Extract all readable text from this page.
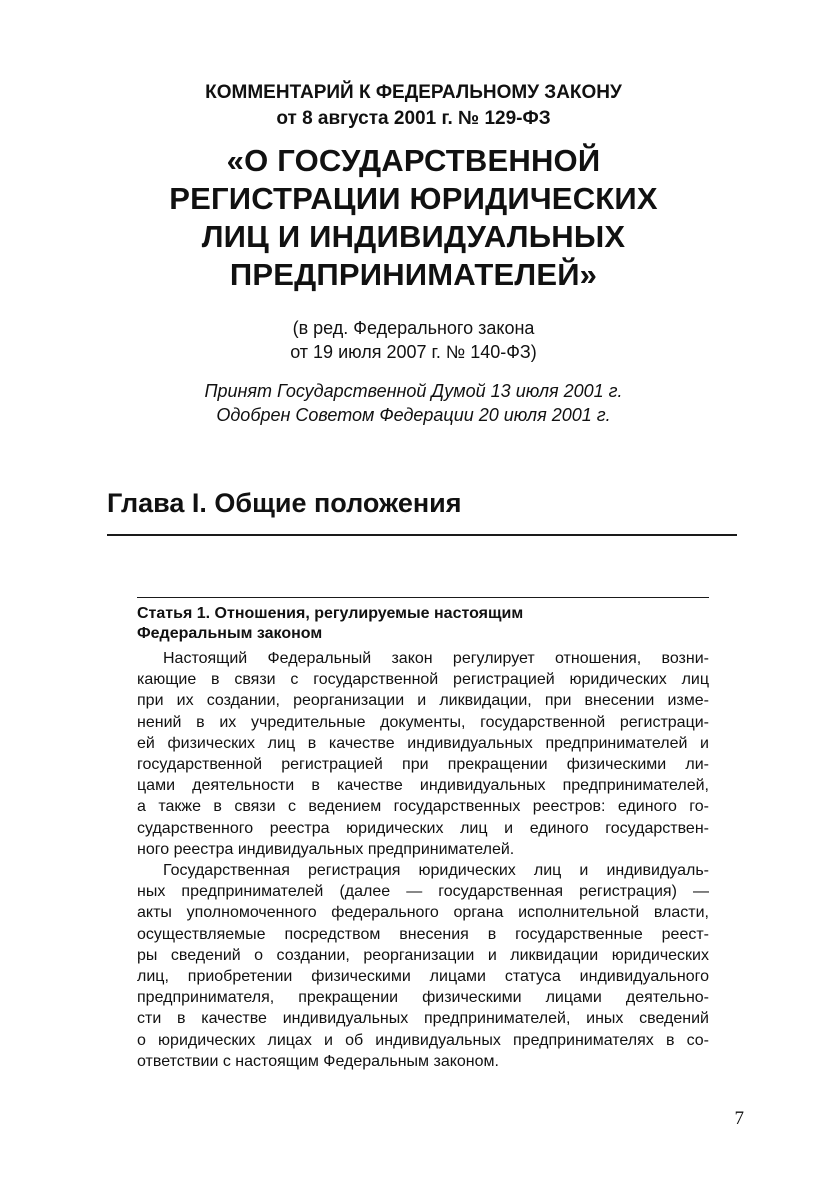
КОММЕНТАРИЙ К ФЕДЕРАЛЬНОМУ ЗАКОНУ
от 8 августа 2001 г. № 129-ФЗ

«О ГОСУДАРСТВЕННОЙ
РЕГИСТРАЦИИ ЮРИДИЧЕСКИХ
ЛИЦ И ИНДИВИДУАЛЬНЫХ
ПРЕДПРИНИМАТЕЛЕЙ»

(в ред. Федерального закона
от 19 июля 2007 г. № 140-ФЗ)

Принят Государственной Думой 13 июля 2001 г.
Одобрен Советом Федерации 20 июля 2001 г.

Глава I. Общие положения
Статья 1. Отношения, регулируемые настоящим
Федеральным законом

Настоящий Федеральный закон регулирует отношения, возни-
кающие в связи с государственной регистрацией юридических лиц
при их создании, реорганизации и ликвидации, при внесении изме-
нений в их учредительные документы, государственной регистраци-
ей физических лиц в качестве индивидуальных предпринимателей и
государственной регистрацией при прекращении физическими ли-
цами деятельности в качестве индивидуальных предпринимателей,
а также в связи с ведением государственных реестров: единого го-
сударственного реестра юридических лиц и единого государствен-
ного реестра индивидуальных предпринимателей.

Государственная регистрация юридических лиц и индивидуаль-
ных предпринимателей (далее — государственная регистрация) —
акты уполномоченного федерального органа исполнительной власти,
осуществляемые посредством внесения в государственные реест-
ры сведений о создании, реорганизации и ликвидации юридических
лиц, приобретении физическими лицами статуса индивидуального
предпринимателя, прекращении физическими лицами деятельно-
сти в качестве индивидуальных предпринимателей, иных сведений
о юридических лицах и об индивидуальных предпринимателях в со-
ответствии с настоящим Федеральным законом.

7
